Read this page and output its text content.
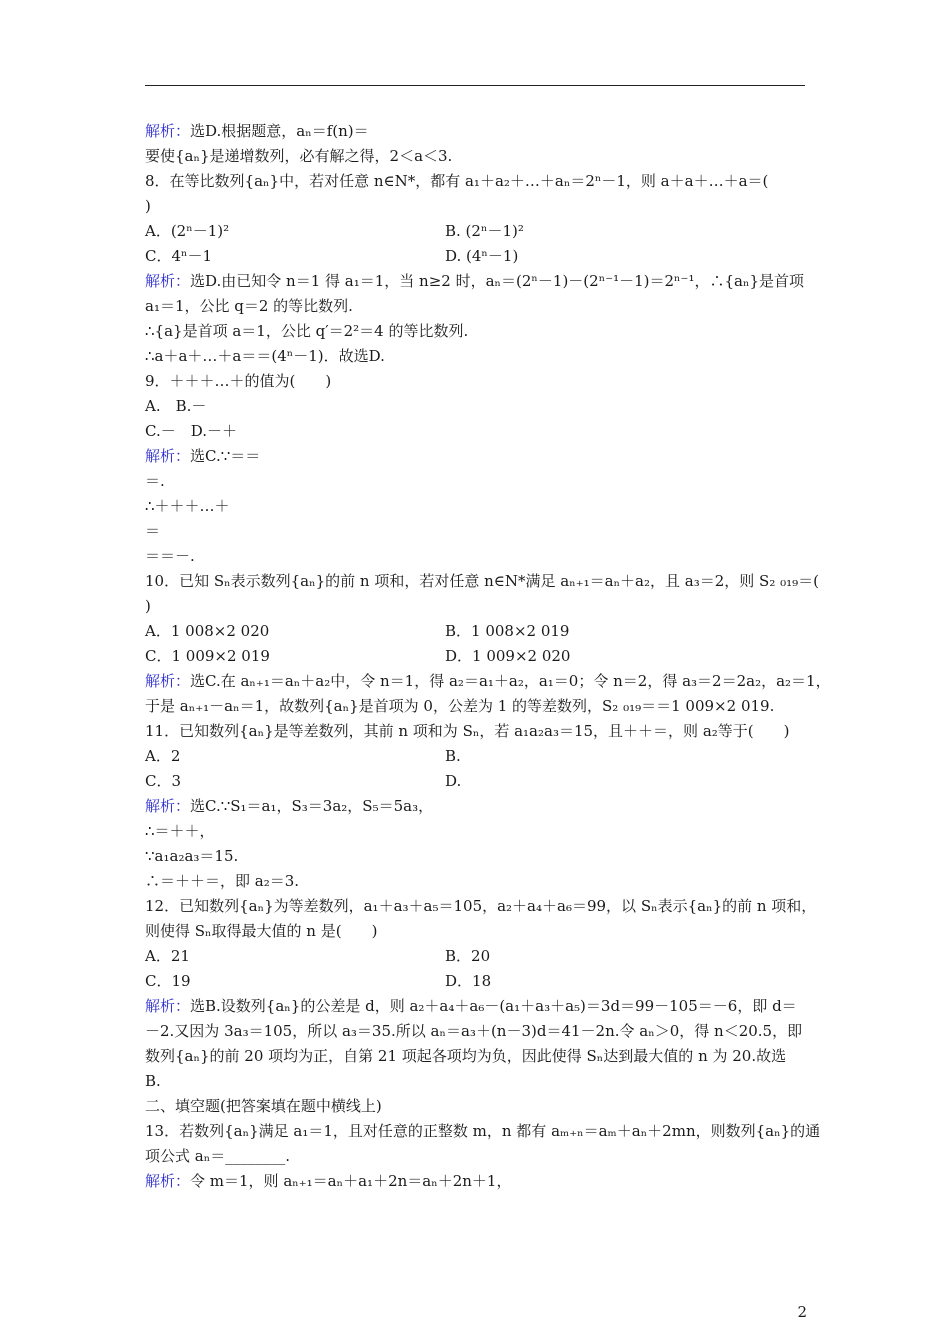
解析：选D.根据题意，aₙ＝f(n)＝
要使{aₙ}是递增数列，必有解之得，2＜a＜3.
8．在等比数列{aₙ}中，若对任意 n∈N*，都有 a₁＋a₂＋…＋aₙ＝2ⁿ－1，则 a＋a＋…＋a＝(
)
A．(2ⁿ－1)²	B. (2ⁿ－1)²
C．4ⁿ－1	D. (4ⁿ－1)
解析：选D.由已知令 n＝1 得 a₁＝1，当 n≥2 时，aₙ＝(2ⁿ－1)－(2ⁿ⁻¹－1)＝2ⁿ⁻¹，∴{aₙ}是首项
a₁＝1，公比 q＝2 的等比数列.
∴{a}是首项 a＝1，公比 q′＝2²＝4 的等比数列.
∴a＋a＋…＋a＝＝(4ⁿ－1)．故选D.
9．＋＋＋…＋的值为(　　)
A.　B.－
C.－　D.－＋
解析：选C.∵＝＝
＝.
∴＋＋＋…＋
＝
＝＝－.
10．已知 Sₙ表示数列{aₙ}的前 n 项和，若对任意 n∈N*满足 aₙ₊₁＝aₙ＋a₂，且 a₃＝2，则 S₂ ₀₁₉＝(
)
A．1 008×2 020	B．1 008×2 019
C．1 009×2 019	D．1 009×2 020
解析：选C.在 aₙ₊₁＝aₙ＋a₂中，令 n＝1，得 a₂＝a₁＋a₂，a₁＝0；令 n＝2，得 a₃＝2＝2a₂，a₂＝1，
于是 aₙ₊₁－aₙ＝1，故数列{aₙ}是首项为 0，公差为 1 的等差数列，S₂ ₀₁₉＝＝1 009×2 019.
11．已知数列{aₙ}是等差数列，其前 n 项和为 Sₙ，若 a₁a₂a₃＝15，且＋＋＝，则 a₂等于(　　)
A．2	B.
C．3	D.
解析：选C.∵S₁＝a₁，S₃＝3a₂，S₅＝5a₃，
∴＝＋＋，
∵a₁a₂a₃＝15.
∴＝＋＋＝，即 a₂＝3.
12．已知数列{aₙ}为等差数列，a₁＋a₃＋a₅＝105，a₂＋a₄＋a₆＝99，以 Sₙ表示{aₙ}的前 n 项和，
则使得 Sₙ取得最大值的 n 是(　　)
A．21	B．20
C．19	D．18
解析：选B.设数列{aₙ}的公差是 d，则 a₂＋a₄＋a₆－(a₁＋a₃＋a₅)＝3d＝99－105＝－6，即 d＝
－2.又因为 3a₃＝105，所以 a₃＝35.所以 aₙ＝a₃＋(n－3)d＝41－2n.令 aₙ＞0，得 n＜20.5，即
数列{aₙ}的前 20 项均为正，自第 21 项起各项均为负，因此使得 Sₙ达到最大值的 n 为 20.故选
B.
二、填空题(把答案填在题中横线上)
13．若数列{aₙ}满足 a₁＝1，且对任意的正整数 m，n 都有 aₘ₊ₙ＝aₘ＋aₙ＋2mn，则数列{aₙ}的通
项公式 aₙ＝________.
解析：令 m＝1，则 aₙ₊₁＝aₙ＋a₁＋2n＝aₙ＋2n＋1，
2
